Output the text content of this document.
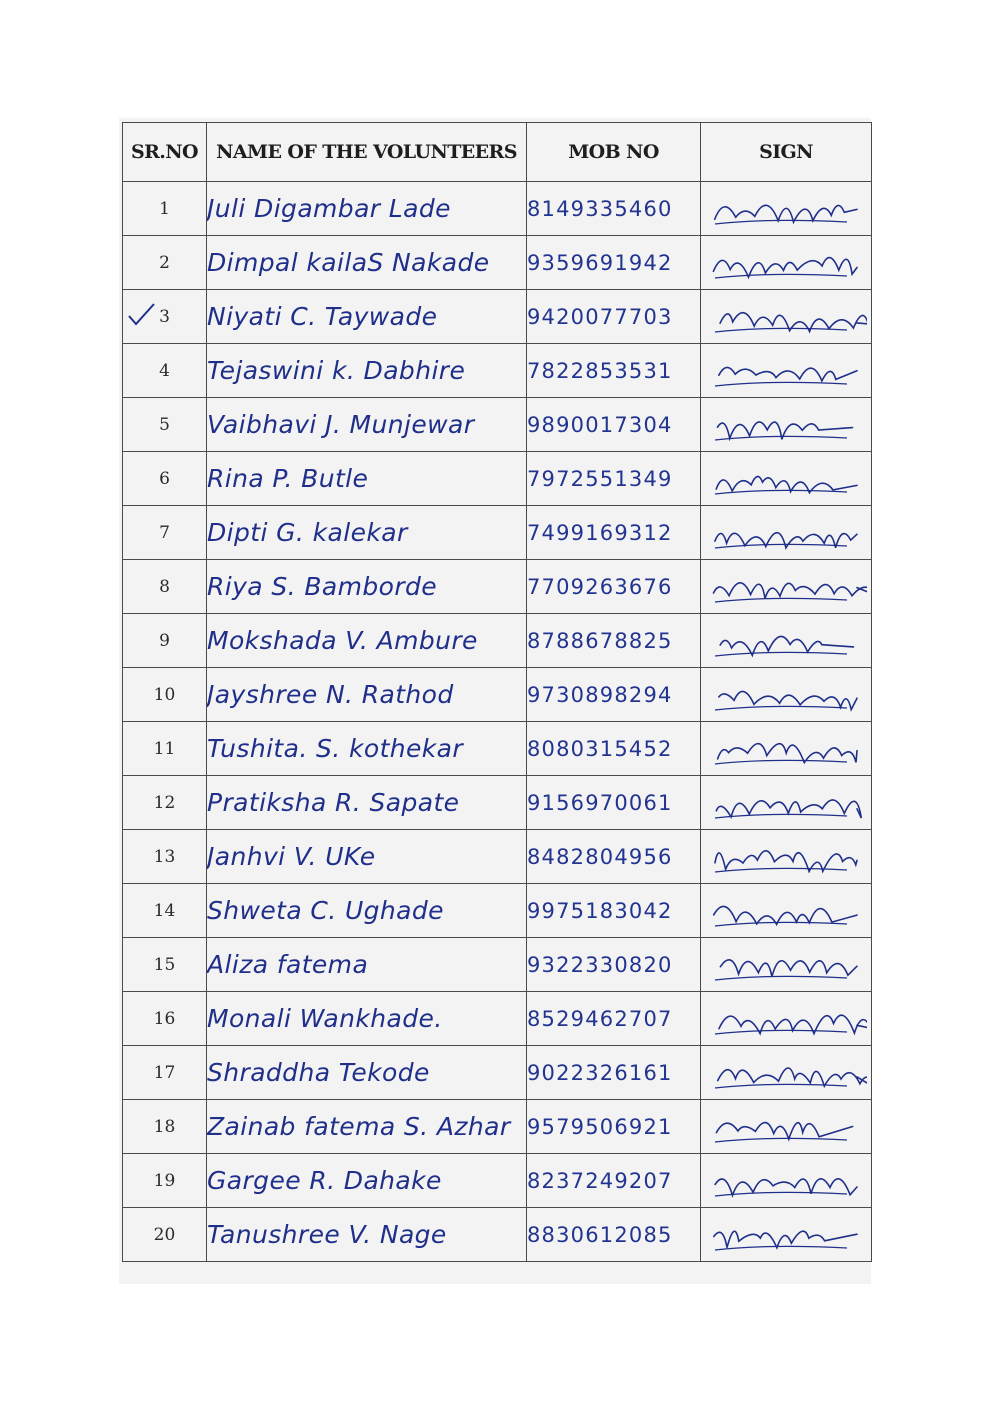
SR.NO	NAME OF THE VOLUNTEERS	MOB NO	SIGN
1	Juli Digambar Lade	8149335460	

2	Dimpal kailaS Nakade	9359691942	

3	Niyati C. Taywade	9420077703	

4	Tejaswini k. Dabhire	7822853531	

5	Vaibhavi J. Munjewar	9890017304	

6	Rina P. Butle	7972551349	

7	Dipti G. kalekar	7499169312	

8	Riya S. Bamborde	7709263676	

9	Mokshada V. Ambure	8788678825	

10	Jayshree N. Rathod	9730898294	

11	Tushita. S. kothekar	8080315452	

12	Pratiksha R. Sapate	9156970061	

13	Janhvi V. UKe	8482804956	

14	Shweta C. Ughade	9975183042	

15	Aliza fatema	9322330820	

16	Monali Wankhade.	8529462707	

17	Shraddha Tekode	9022326161	

18	Zainab fatema S. Azhar	9579506921	

19	Gargee R. Dahake	8237249207	

20	Tanushree V. Nage	8830612085	
